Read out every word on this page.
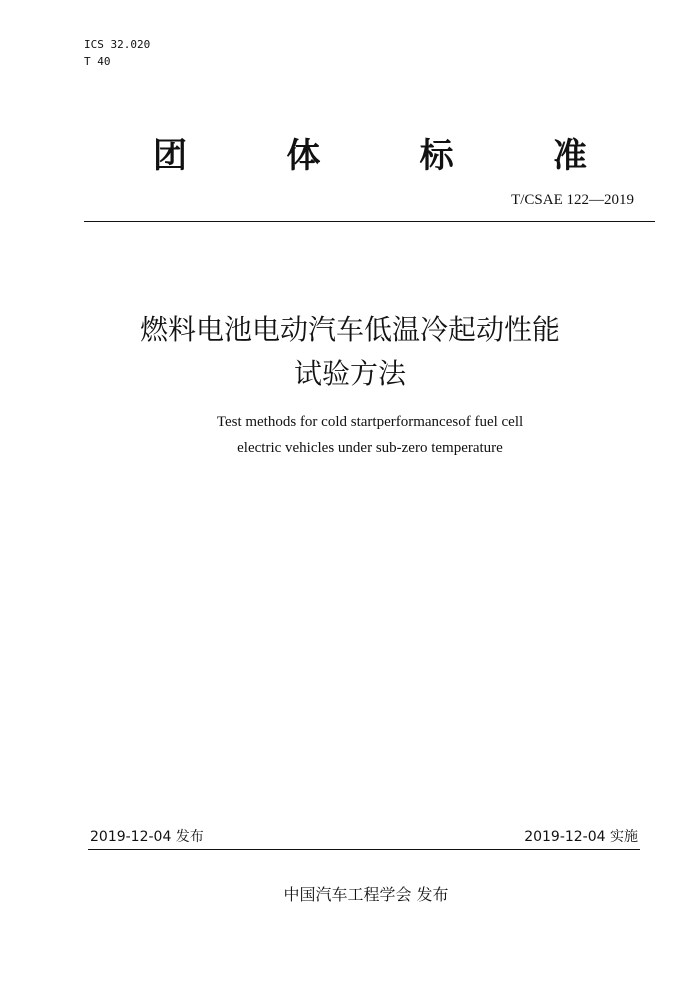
ICS 32.020
T 40
团	体	标	准
T/CSAE 122—2019
燃料电池电动汽车低温冷起动性能
试验方法
Test methods for cold startperformancesof fuel cell
electric vehicles under sub-zero temperature
2019-12-04 发布	2019-12-04 实施
中国汽车工程学会 发布
